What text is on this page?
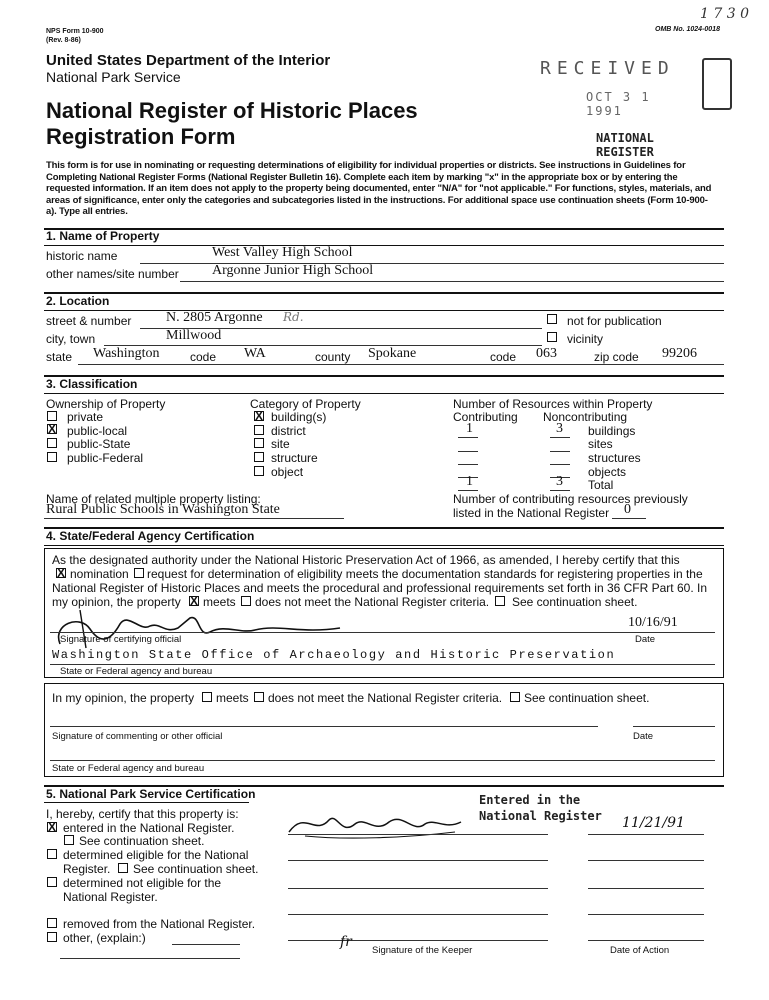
NPS Form 10-900
(Rev. 8-86)
OMB No. 1024-0018
1 7 3 0
United States Department of the Interior
National Park Service
National Register of Historic Places
Registration Form
RECEIVED
OCT 3 1 1991
NATIONAL
REGISTER
This form is for use in nominating or requesting determinations of eligibility for individual properties or districts. See instructions in Guidelines for Completing National Register Forms (National Register Bulletin 16). Complete each item by marking "x" in the appropriate box or by entering the requested information. If an item does not apply to the property being documented, enter "N/A" for "not applicable." For functions, styles, materials, and areas of significance, enter only the categories and subcategories listed in the instructions. For additional space use continuation sheets (Form 10-900-a). Type all entries.
1. Name of Property
historic name	West Valley High School
other names/site number Argonne Junior High School
2. Location
street & number N. 2805 Argonne Rd.	not for publication
city, town	Millwood	vicinity
state Washington	code WA	county Spokane	code 063	zip code 99206
3. Classification
Ownership of Property
private
X
public-local
public-State
public-Federal
Category of Property
X
building(s)
district
site
structure
object
Number of Resources within Property
Contributing Noncontributing
1	3 buildings
sites
structures
objects
1	3 Total
Name of related multiple property listing:
Rural Public Schools in Washington State
Number of contributing resources previously
listed in the National Register 0
4. State/Federal Agency Certification
As the designated authority under the National Historic Preservation Act of 1966, as amended, I hereby certify that this
X
nomination request for determination of eligibility meets the documentation standards for registering properties in the
National Register of Historic Places and meets the procedural and professional requirements set forth in 36 CFR Part 60. In
my opinion, the property
X meets does not meet the National Register criteria. See continuation sheet.
10/16/91
Signature of certifying official	Date
Washington State Office of Archaeology and Historic Preservation
State or Federal agency and bureau
In my opinion, the property meets does not meet the National Register criteria. See continuation sheet.
Signature of commenting or other official	Date
State or Federal agency and bureau
5. National Park Service Certification
I, hereby, certify that this property is:
X
entered in the National Register.
See continuation sheet.
determined eligible for the National
Register. See continuation sheet.
determined not eligible for the
National Register.
removed from the National Register.
other, (explain:)
Entered in the
National Register 11/21/91
fr
Signature of the Keeper	Date of Action
